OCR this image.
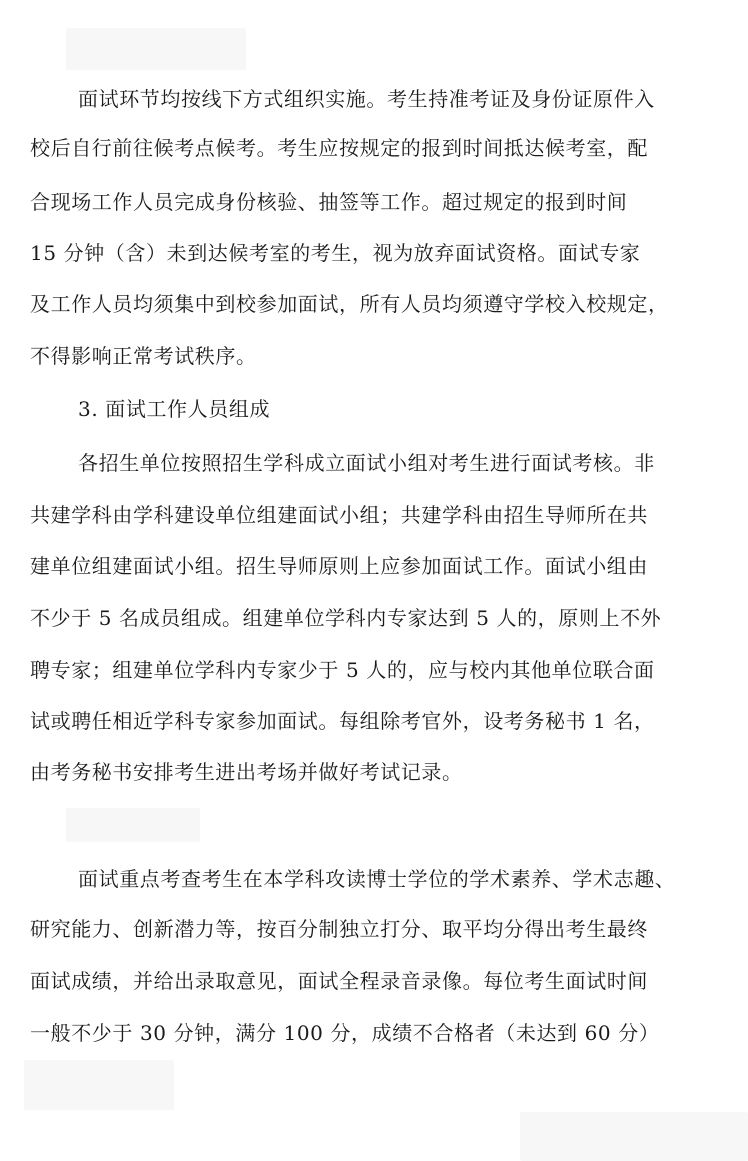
面试环节均按线下方式组织实施。考生持准考证及身份证原件入
校后自行前往候考点候考。考生应按规定的报到时间抵达候考室，配
合现场工作人员完成身份核验、抽签等工作。超过规定的报到时间
15 分钟（含）未到达候考室的考生，视为放弃面试资格。面试专家
及工作人员均须集中到校参加面试，所有人员均须遵守学校入校规定，
不得影响正常考试秩序。
3. 面试工作人员组成
各招生单位按照招生学科成立面试小组对考生进行面试考核。非
共建学科由学科建设单位组建面试小组；共建学科由招生导师所在共
建单位组建面试小组。招生导师原则上应参加面试工作。面试小组由
不少于 5 名成员组成。组建单位学科内专家达到 5 人的，原则上不外
聘专家；组建单位学科内专家少于 5 人的，应与校内其他单位联合面
试或聘任相近学科专家参加面试。每组除考官外，设考务秘书 1 名，
由考务秘书安排考生进出考场并做好考试记录。
面试重点考查考生在本学科攻读博士学位的学术素养、学术志趣、
研究能力、创新潜力等，按百分制独立打分、取平均分得出考生最终
面试成绩，并给出录取意见，面试全程录音录像。每位考生面试时间
一般不少于 30 分钟，满分 100 分，成绩不合格者（未达到 60 分）
